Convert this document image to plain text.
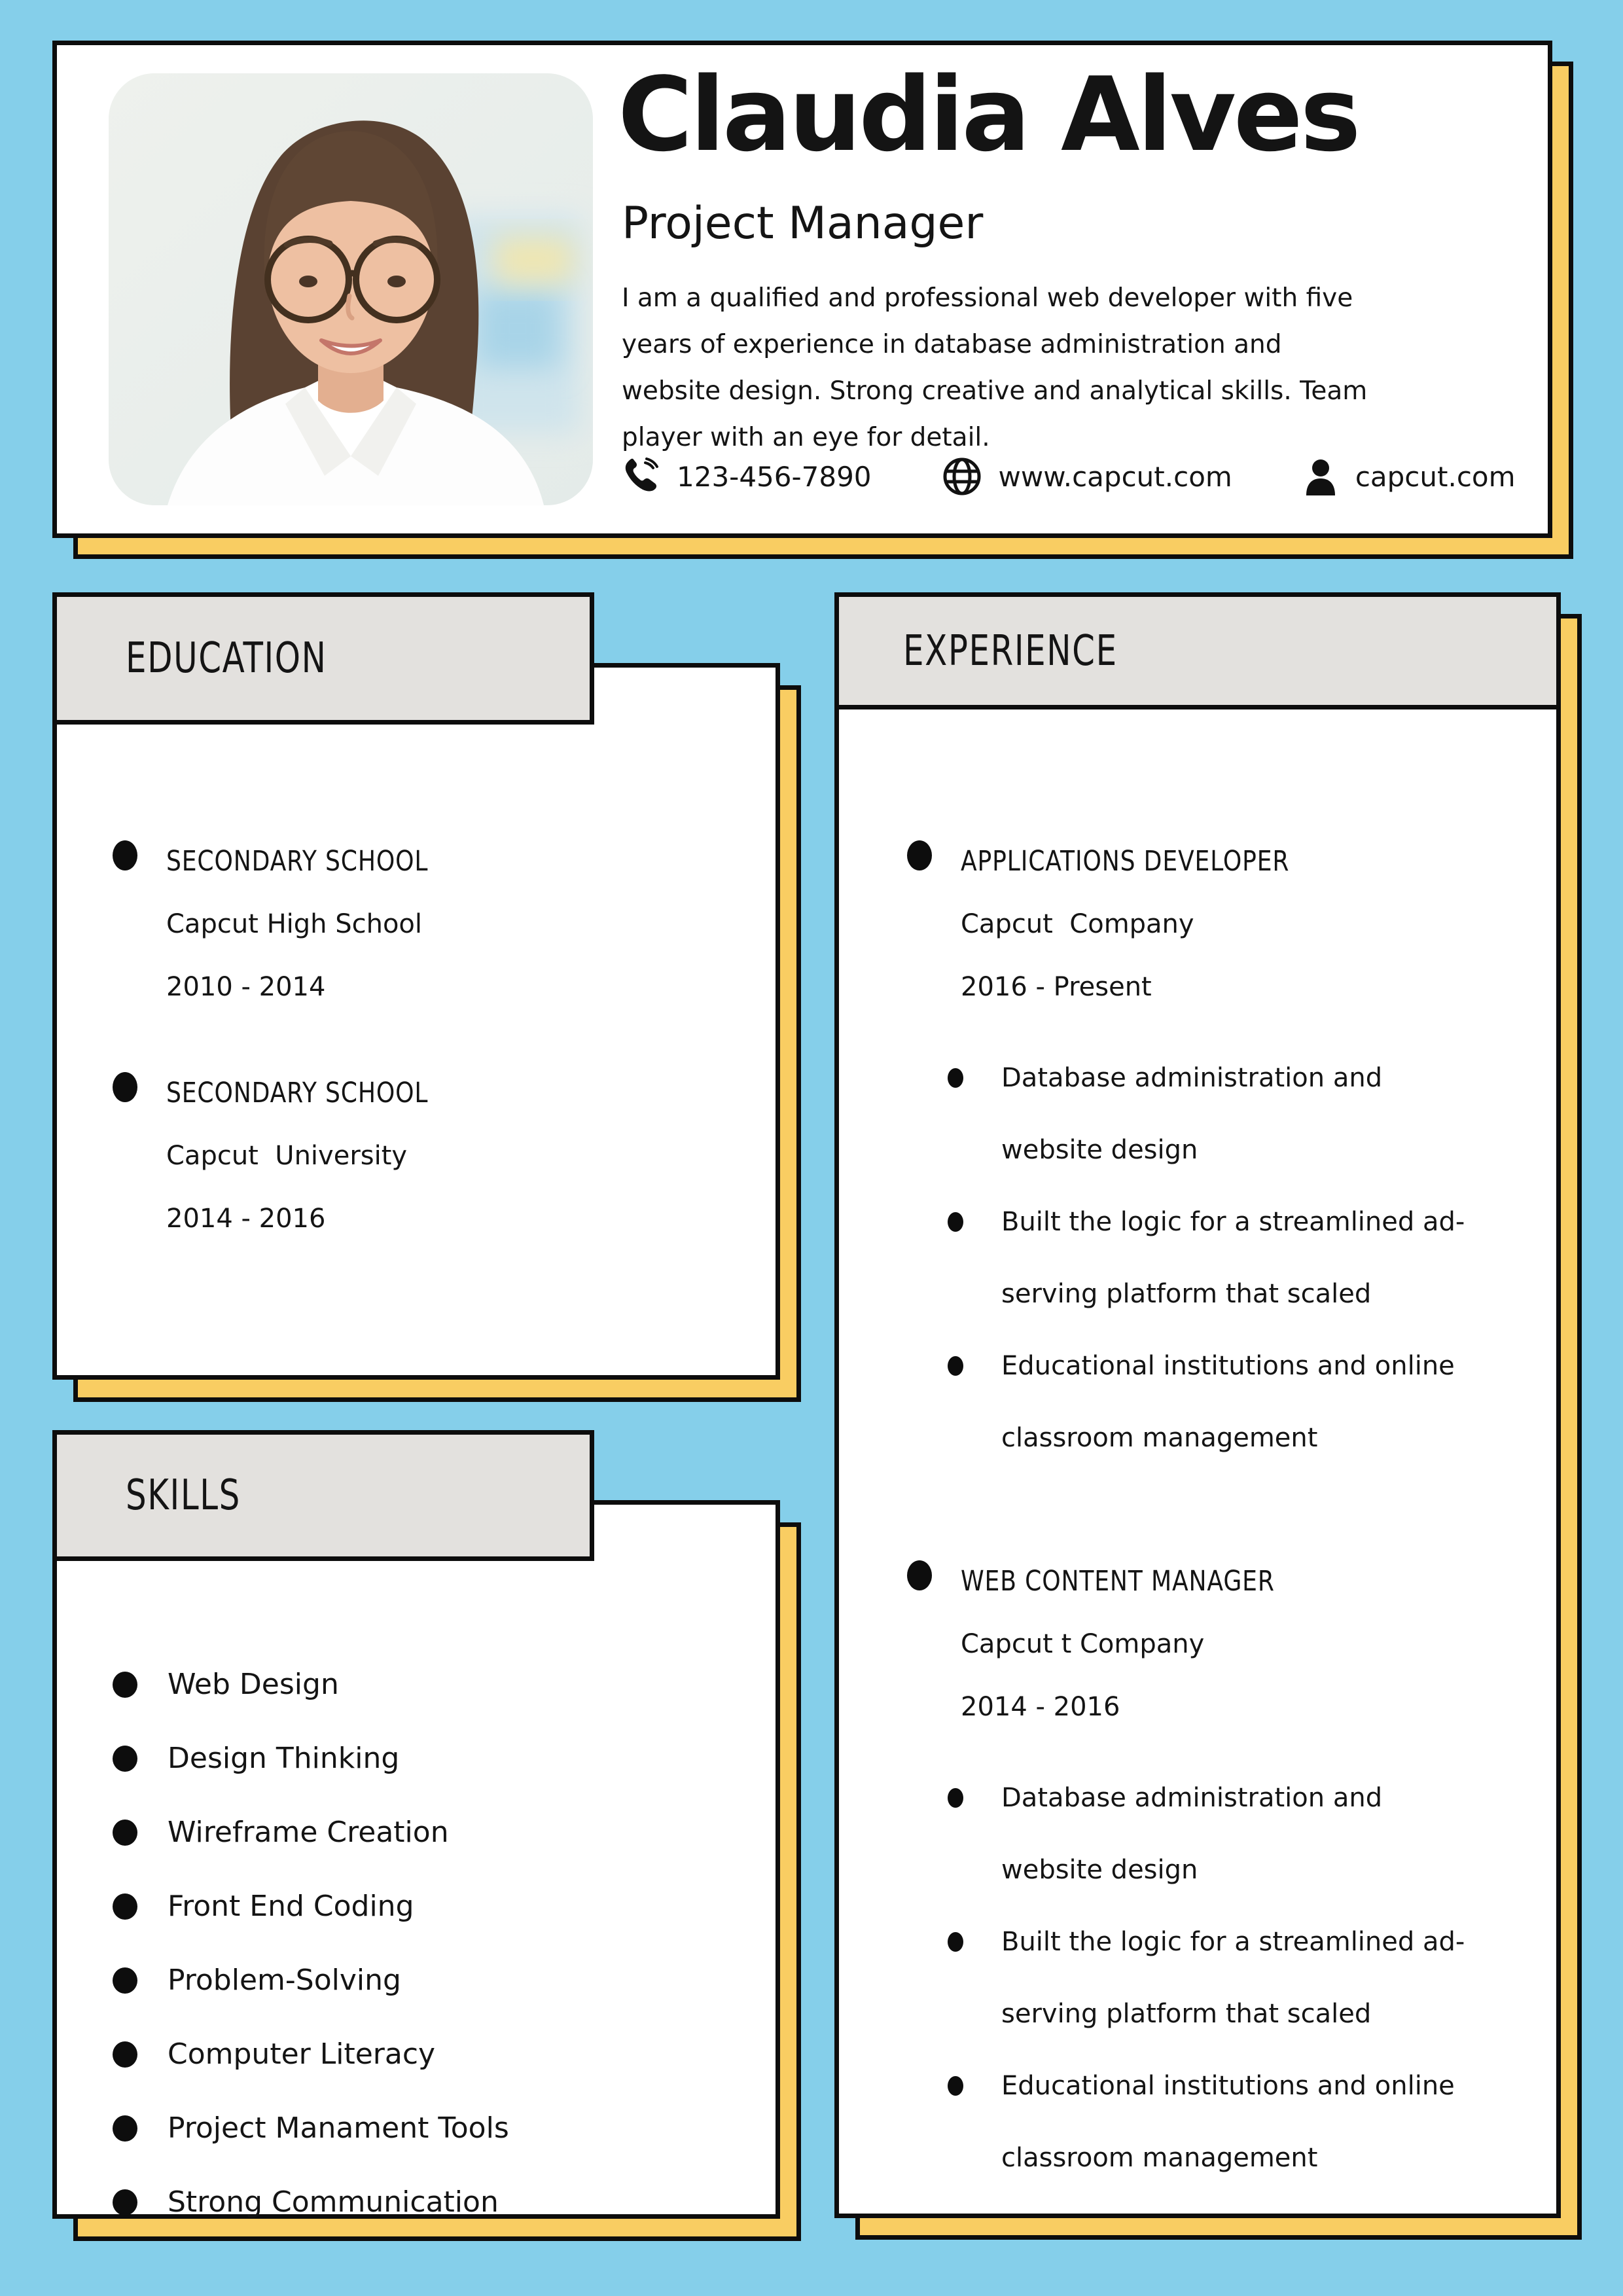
Claudia Alves
Project Manager
I am a qualified and professional web developer with five
years of experience in database administration and
website design. Strong creative and analytical skills. Team
player with an eye for detail.
123-456-7890	www.capcut.com	capcut.com
EDUCATION
SECONDARY SCHOOL
Capcut High School
2010 - 2014
SECONDARY SCHOOL
Capcut  University
2014 - 2016
SKILLS
Web Design
Design Thinking
Wireframe Creation
Front End Coding
Problem-Solving
Computer Literacy
Project Manament Tools
Strong Communication
EXPERIENCE
APPLICATIONS DEVELOPER
Capcut  Company
2016 - Present
Database administration and
website design
Built the logic for a streamlined ad-
serving platform that scaled
Educational institutions and online
classroom management
WEB CONTENT MANAGER
Capcut t Company
2014 - 2016
Database administration and
website design
Built the logic for a streamlined ad-
serving platform that scaled
Educational institutions and online
classroom management
